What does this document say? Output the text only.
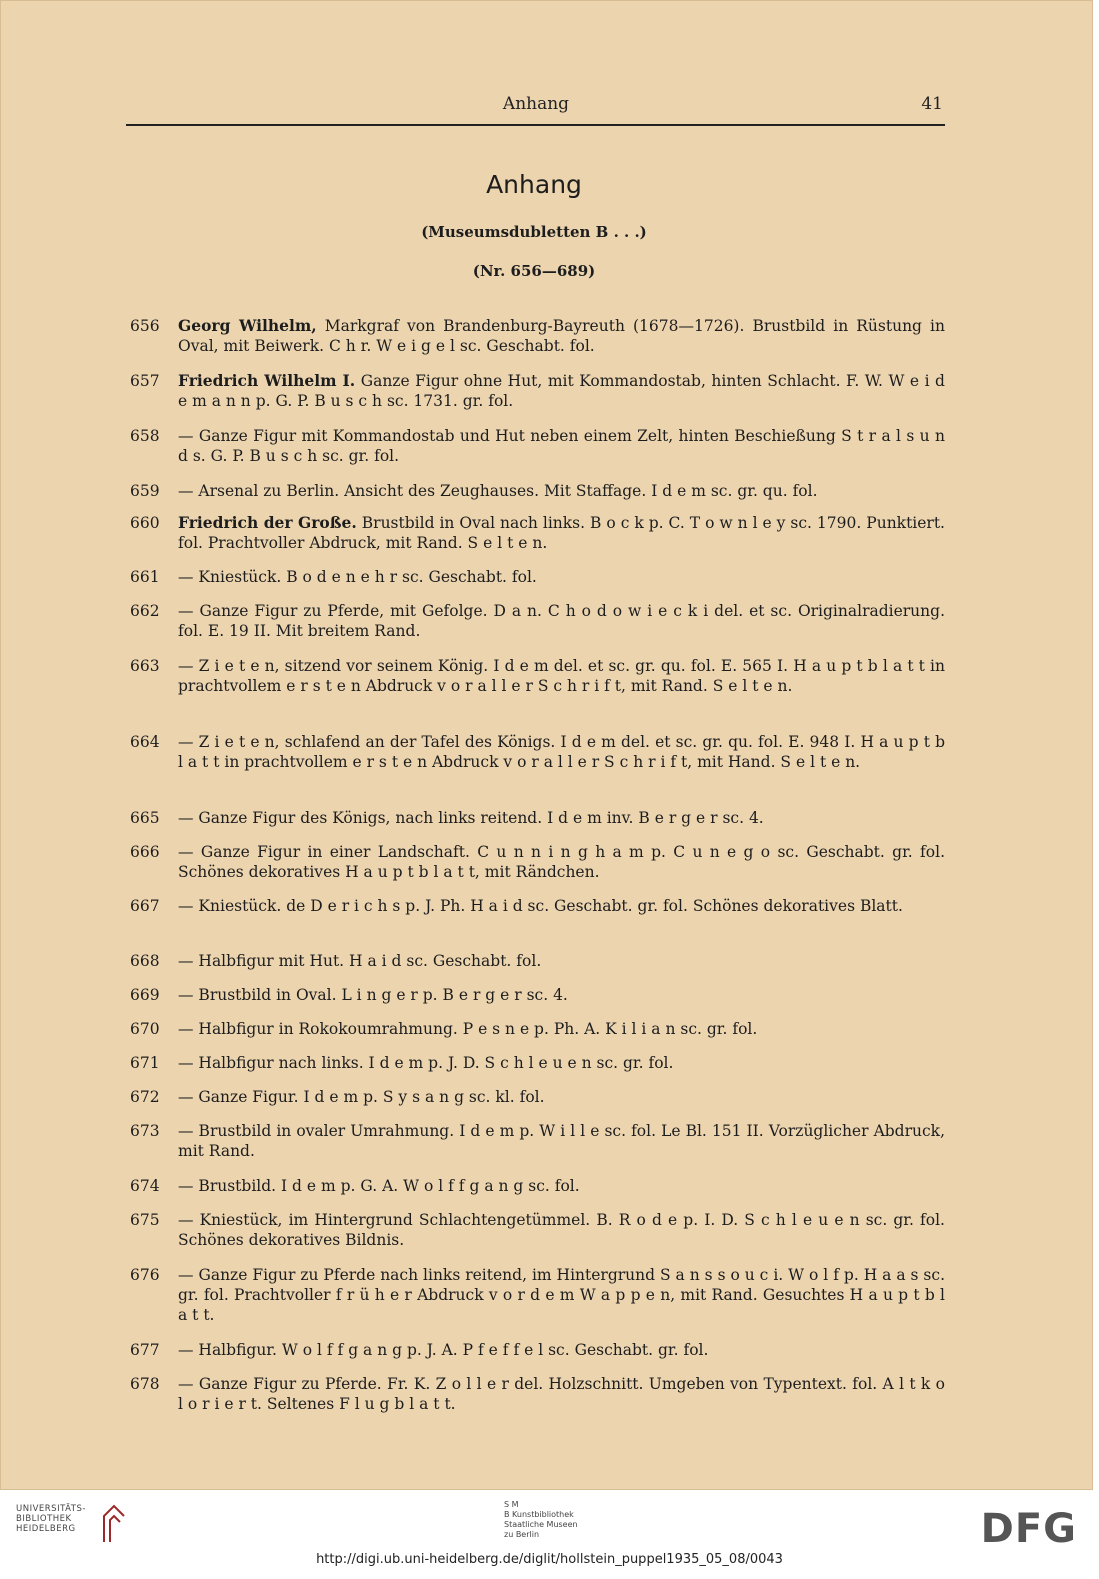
Anhang	41
Anhang
(Museumsdubletten B . . .)
(Nr. 656—689)
656	Georg Wilhelm, Markgraf von Brandenburg-Bayreuth (1678—1726). Brustbild in Rüstung in Oval, mit Beiwerk. C h r. W e i g e l sc. Geschabt. fol.
657	Friedrich Wilhelm I. Ganze Figur ohne Hut, mit Kommandostab, hinten Schlacht. F. W. W e i d e m a n n p. G. P. B u s c h sc. 1731. gr. fol.
658	— Ganze Figur mit Kommandostab und Hut neben einem Zelt, hinten Beschießung S t r a l s u n d s. G. P. B u s c h sc. gr. fol.
659	— Arsenal zu Berlin. Ansicht des Zeughauses. Mit Staffage. I d e m sc. gr. qu. fol.
660	Friedrich der Große. Brustbild in Oval nach links. B o c k p. C. T o w n l e y sc. 1790. Punktiert. fol. Prachtvoller Abdruck, mit Rand. S e l t e n.
661	— Kniestück. B o d e n e h r sc. Geschabt. fol.
662	— Ganze Figur zu Pferde, mit Gefolge. D a n. C h o d o w i e c k i del. et sc. Originalradierung. fol. E. 19 II. Mit breitem Rand.
663	— Z i e t e n, sitzend vor seinem König. I d e m del. et sc. gr. qu. fol. E. 565 I. H a u p t b l a t t in prachtvollem e r s t e n Abdruck v o r a l l e r S c h r i f t, mit Rand. S e l t e n.
664	— Z i e t e n, schlafend an der Tafel des Königs. I d e m del. et sc. gr. qu. fol. E. 948 I. H a u p t b l a t t in prachtvollem e r s t e n Abdruck v o r a l l e r S c h r i f t, mit Hand. S e l t e n.
665	— Ganze Figur des Königs, nach links reitend. I d e m inv. B e r g e r sc. 4.
666	— Ganze Figur in einer Landschaft. C u n n i n g h a m p. C u n e g o sc. Geschabt. gr. fol. Schönes dekoratives H a u p t b l a t t, mit Rändchen.
667	— Kniestück. de D e r i c h s p. J. Ph. H a i d sc. Geschabt. gr. fol. Schönes dekoratives Blatt.
668	— Halbfigur mit Hut. H a i d sc. Geschabt. fol.
669	— Brustbild in Oval. L i n g e r p. B e r g e r sc. 4.
670	— Halbfigur in Rokokoumrahmung. P e s n e p. Ph. A. K i l i a n sc. gr. fol.
671	— Halbfigur nach links. I d e m p. J. D. S c h l e u e n sc. gr. fol.
672	— Ganze Figur. I d e m p. S y s a n g sc. kl. fol.
673	— Brustbild in ovaler Umrahmung. I d e m p. W i l l e sc. fol. Le Bl. 151 II. Vorzüglicher Abdruck, mit Rand.
674	— Brustbild. I d e m p. G. A. W o l f f g a n g sc. fol.
675	— Kniestück, im Hintergrund Schlachtengetümmel. B. R o d e p. I. D. S c h l e u e n sc. gr. fol. Schönes dekoratives Bildnis.
676	— Ganze Figur zu Pferde nach links reitend, im Hintergrund S a n s s o u c i. W o l f p. H a a s sc. gr. fol. Prachtvoller f r ü h e r Abdruck v o r d e m W a p p e n, mit Rand. Gesuchtes H a u p t b l a t t.
677	— Halbfigur. W o l f f g a n g p. J. A. P f e f f e l sc. Geschabt. gr. fol.
678	— Ganze Figur zu Pferde. Fr. K. Z o l l e r del. Holzschnitt. Umgeben von Typentext. fol. A l t k o l o r i e r t. Seltenes F l u g b l a t t.
UNIVERSITÄTS-
BIBLIOTHEK
HEIDELBERG
S M
B Kunstbibliothek
Staatliche Museen
zu Berlin	DFG
http://digi.ub.uni-heidelberg.de/diglit/hollstein_puppel1935_05_08/0043
